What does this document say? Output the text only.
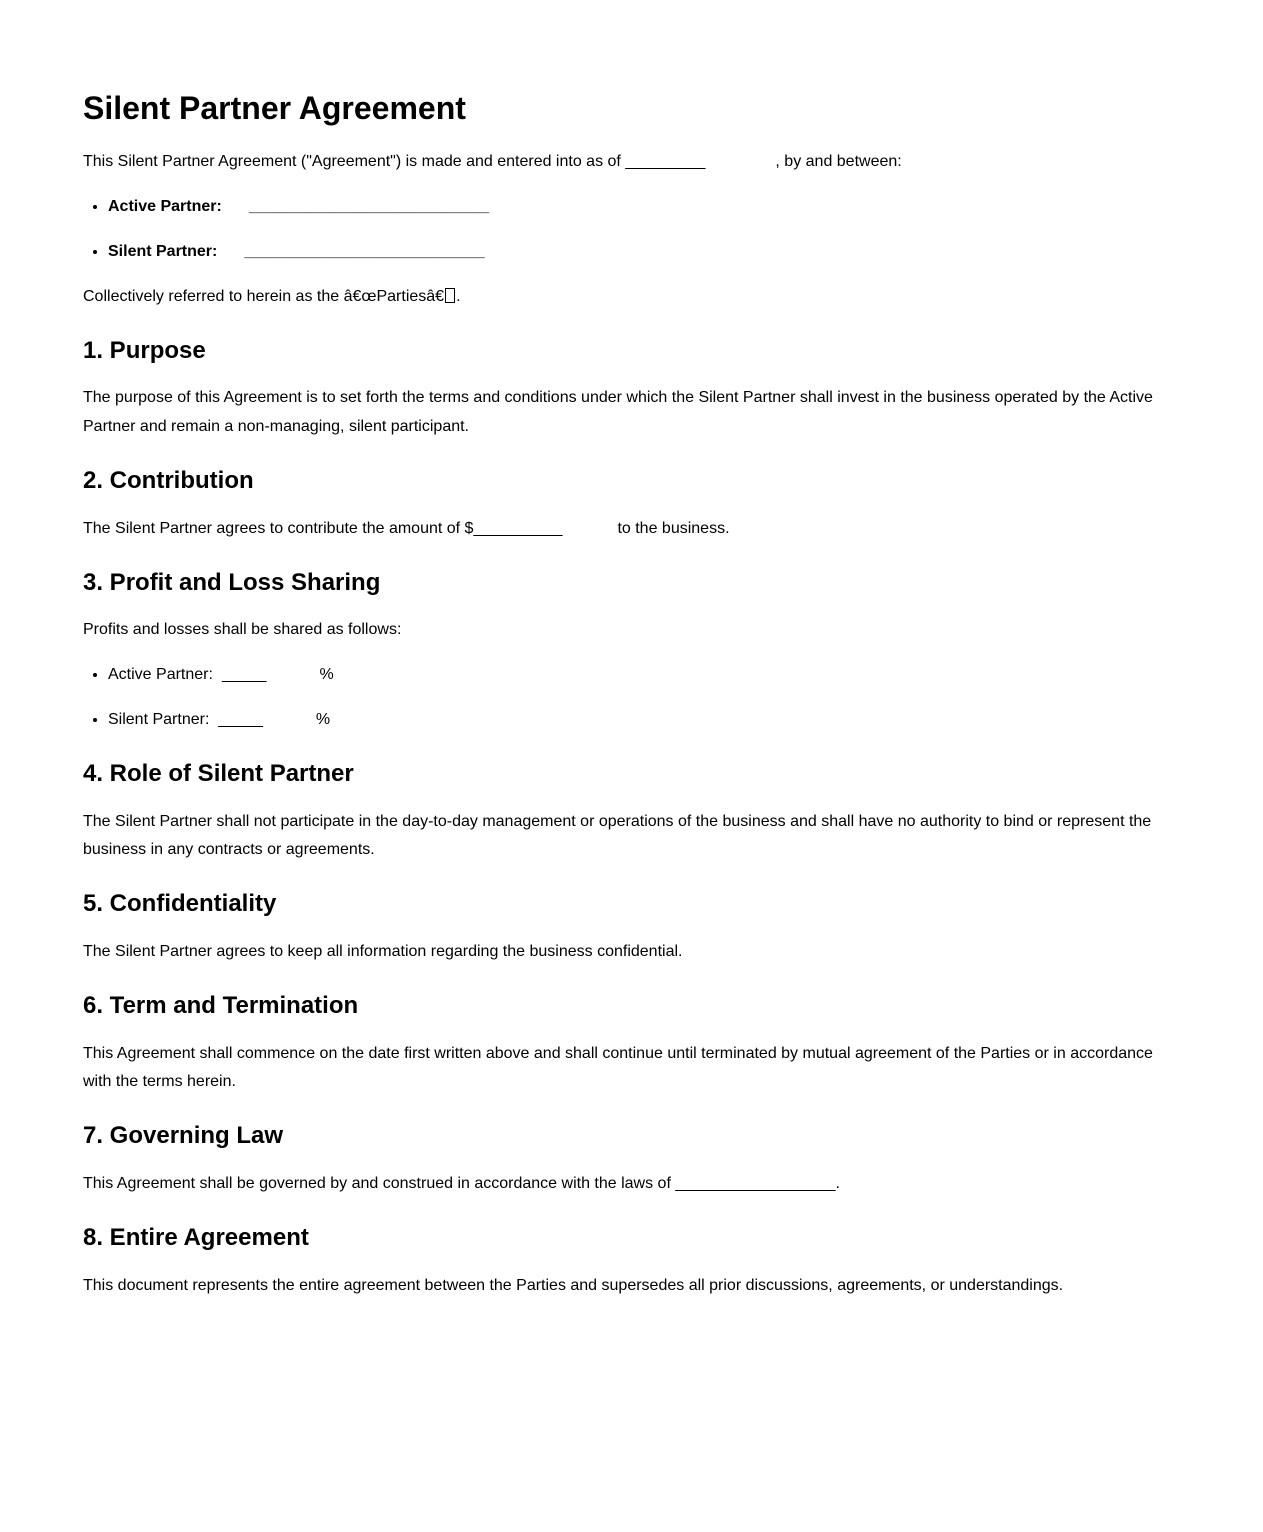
Silent Partner Agreement

This Silent Partner Agreement ("Agreement") is made and entered into as of _________	, by and between:

• Active Partner: ___________________________
• Silent Partner: ___________________________

Collectively referred to herein as the â€œPartiesâ€ .

1. Purpose

The purpose of this Agreement is to set forth the terms and conditions under which the Silent Partner shall invest in the business operated by the Active Partner and remain a non-managing, silent participant.

2. Contribution

The Silent Partner agrees to contribute the amount of $__________	to the business.

3. Profit and Loss Sharing

Profits and losses shall be shared as follows:

• Active Partner: _____	%
• Silent Partner: _____	%
4. Role of Silent Partner

The Silent Partner shall not participate in the day-to-day management or operations of the business and shall have no authority to bind or represent the business in any contracts or agreements.

5. Confidentiality

The Silent Partner agrees to keep all information regarding the business confidential.

6. Term and Termination

This Agreement shall commence on the date first written above and shall continue until terminated by mutual agreement of the Parties or in accordance with the terms herein.

7. Governing Law

This Agreement shall be governed by and construed in accordance with the laws of __________________.

8. Entire Agreement

This document represents the entire agreement between the Parties and supersedes all prior discussions, agreements, or understandings.
